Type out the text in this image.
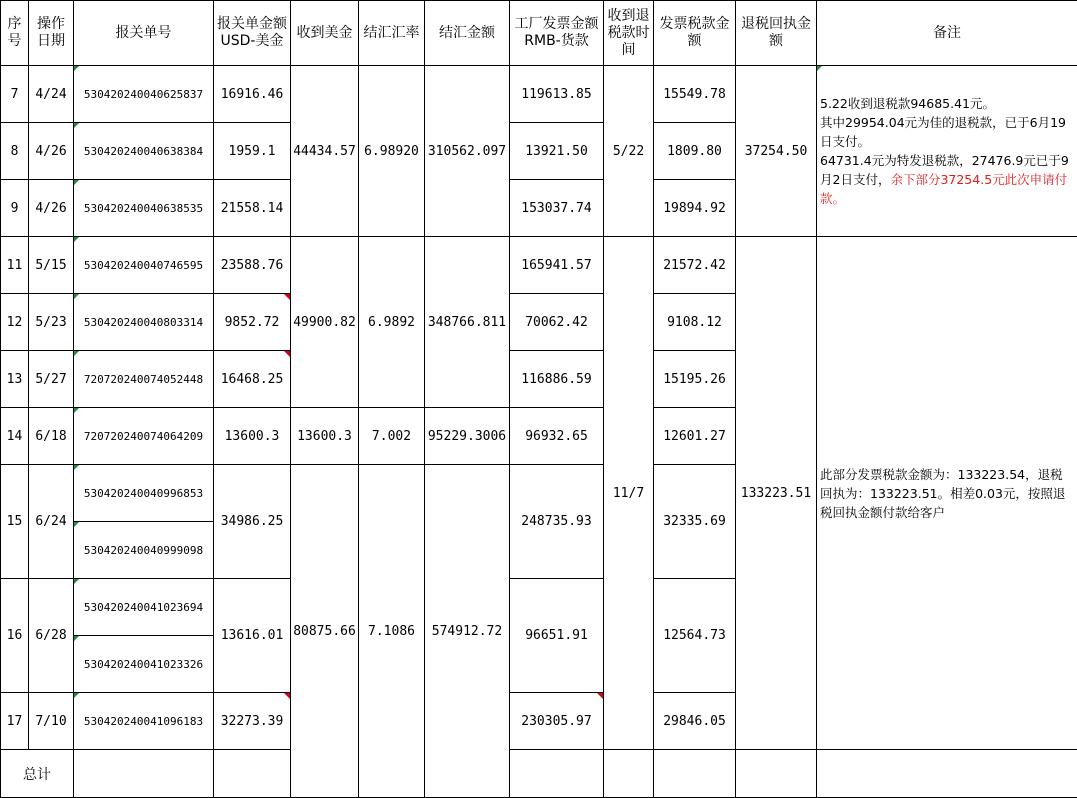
序号	操作日期	报关单号	报关单金额USD-美金	收到美金	结汇汇率	结汇金额	工厂发票金额RMB-货款	收到退税款时间	发票税款金额	退税回执金额	备注	
7	4/24	530420240040625837	16916.46	44434.57	6.98920	310562.097	119613.85	5/22	15549.78	37254.50	5.22收到退税款94685.41元。
其中29954.04元为佳的退税款，已于6月19日支付。
64731.4元为特发退税款，27476.9元已于9月2日支付，余下部分37254.5元此次申请付款。	
8	4/26	530420240040638384	1959.1				13921.50		1809.80			
9	4/26	530420240040638535	21558.14				153037.74		19894.92			
11	5/15	530420240040746595	23588.76	49900.82	6.9892	348766.811	165941.57	11/7	21572.42	133223.51	此部分发票税款金额为：133223.54，退税回执为：133223.51。相差0.03元，按照退税回执金额付款给客户	
12	5/23	530420240040803314	9852.72				70062.42		9108.12			
13	5/27	720720240074052448	16468.25				116886.59		15195.26			
14	6/18	720720240074064209	13600.3	13600.3	7.002	95229.3006	96932.65		12601.27			
15	6/24	530420240040996853	34986.25	80875.66	7.1086	574912.72	248735.93		32335.69			
		530420240040999098										
16	6/28	530420240041023694	13616.01				96651.91		12564.73			
		530420240041023326										
17	7/10	530420240041096183	32273.39				230305.97		29846.05			
总计										
